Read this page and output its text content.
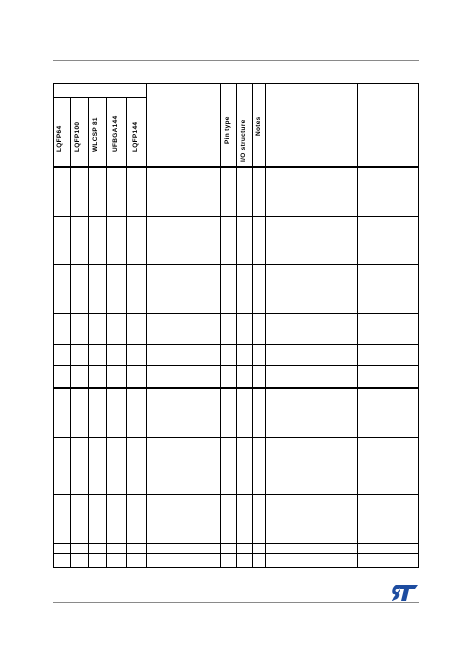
LQFP64 LQFP100 WLCSP 81 UFBGA144 LQFP144	Pin type I/O structure Notes
